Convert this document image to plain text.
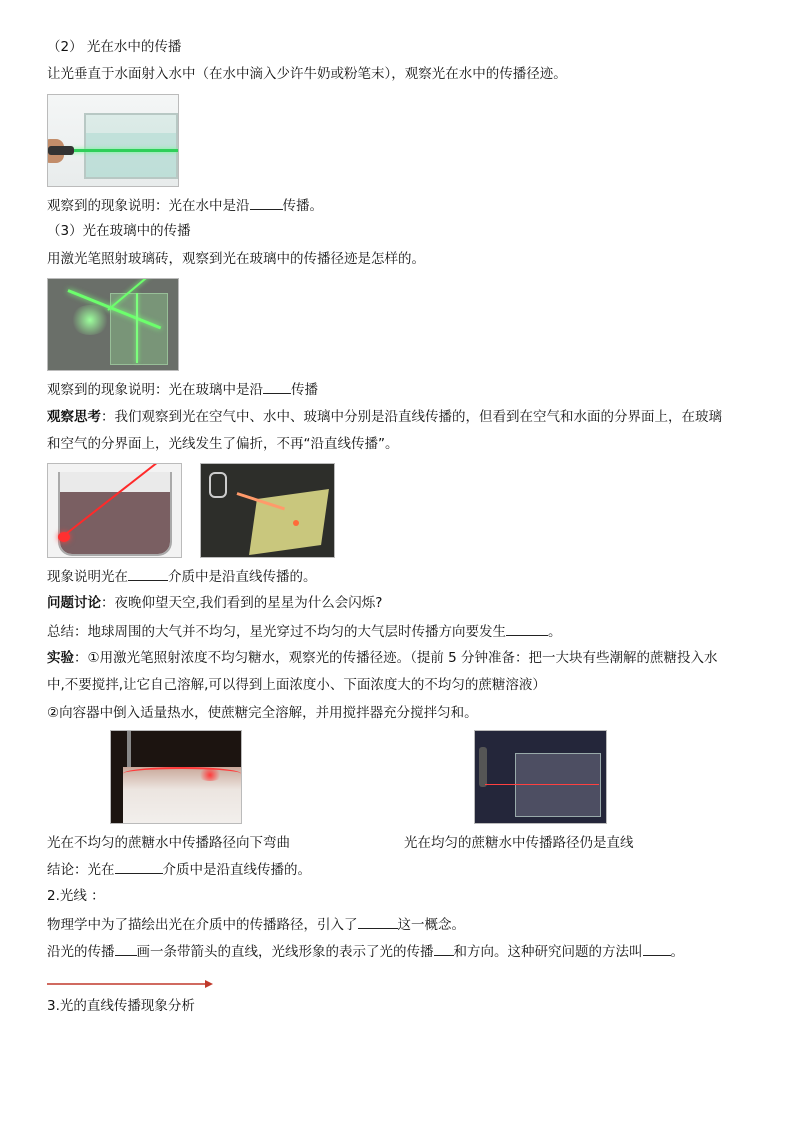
（2） 光在水中的传播
让光垂直于水面射入水中（在水中滴入少许牛奶或粉笔末），观察光在水中的传播径迹。
观察到的现象说明：光在水中是沿 传播。
（3）光在玻璃中的传播
用激光笔照射玻璃砖，观察到光在玻璃中的传播径迹是怎样的。
观察到的现象说明：光在玻璃中是沿 传播
观察思考：我们观察到光在空气中、水中、玻璃中分别是沿直线传播的，但看到在空气和水面的分界面上，在玻璃
和空气的分界面上，光线发生了偏折，不再“沿直线传播”。
现象说明光在	介质中是沿直线传播的。
问题讨论：夜晚仰望天空,我们看到的星星为什么会闪烁?
总结：地球周围的大气并不均匀，星光穿过不均匀的大气层时传播方向要发生	。
实验：①用激光笔照射浓度不均匀糖水，观察光的传播径迹。（提前 5 分钟准备：把一大块有些潮解的蔗糖投入水
中,不要搅拌,让它自己溶解,可以得到上面浓度小、下面浓度大的不均匀的蔗糖溶液）
②向容器中倒入适量热水，使蔗糖完全溶解，并用搅拌器充分搅拌匀和。
光在不均匀的蔗糖水中传播路径向下弯曲	光在均匀的蔗糖水中传播路径仍是直线
结论：光在	介质中是沿直线传播的。
2.光线 ：
物理学中为了描绘出光在介质中的传播路径，引入了	这一概念。
沿光的传播 画一条带箭头的直线，光线形象的表示了光的传播 和方向。这种研究问题的方法叫 。
3.光的直线传播现象分析
